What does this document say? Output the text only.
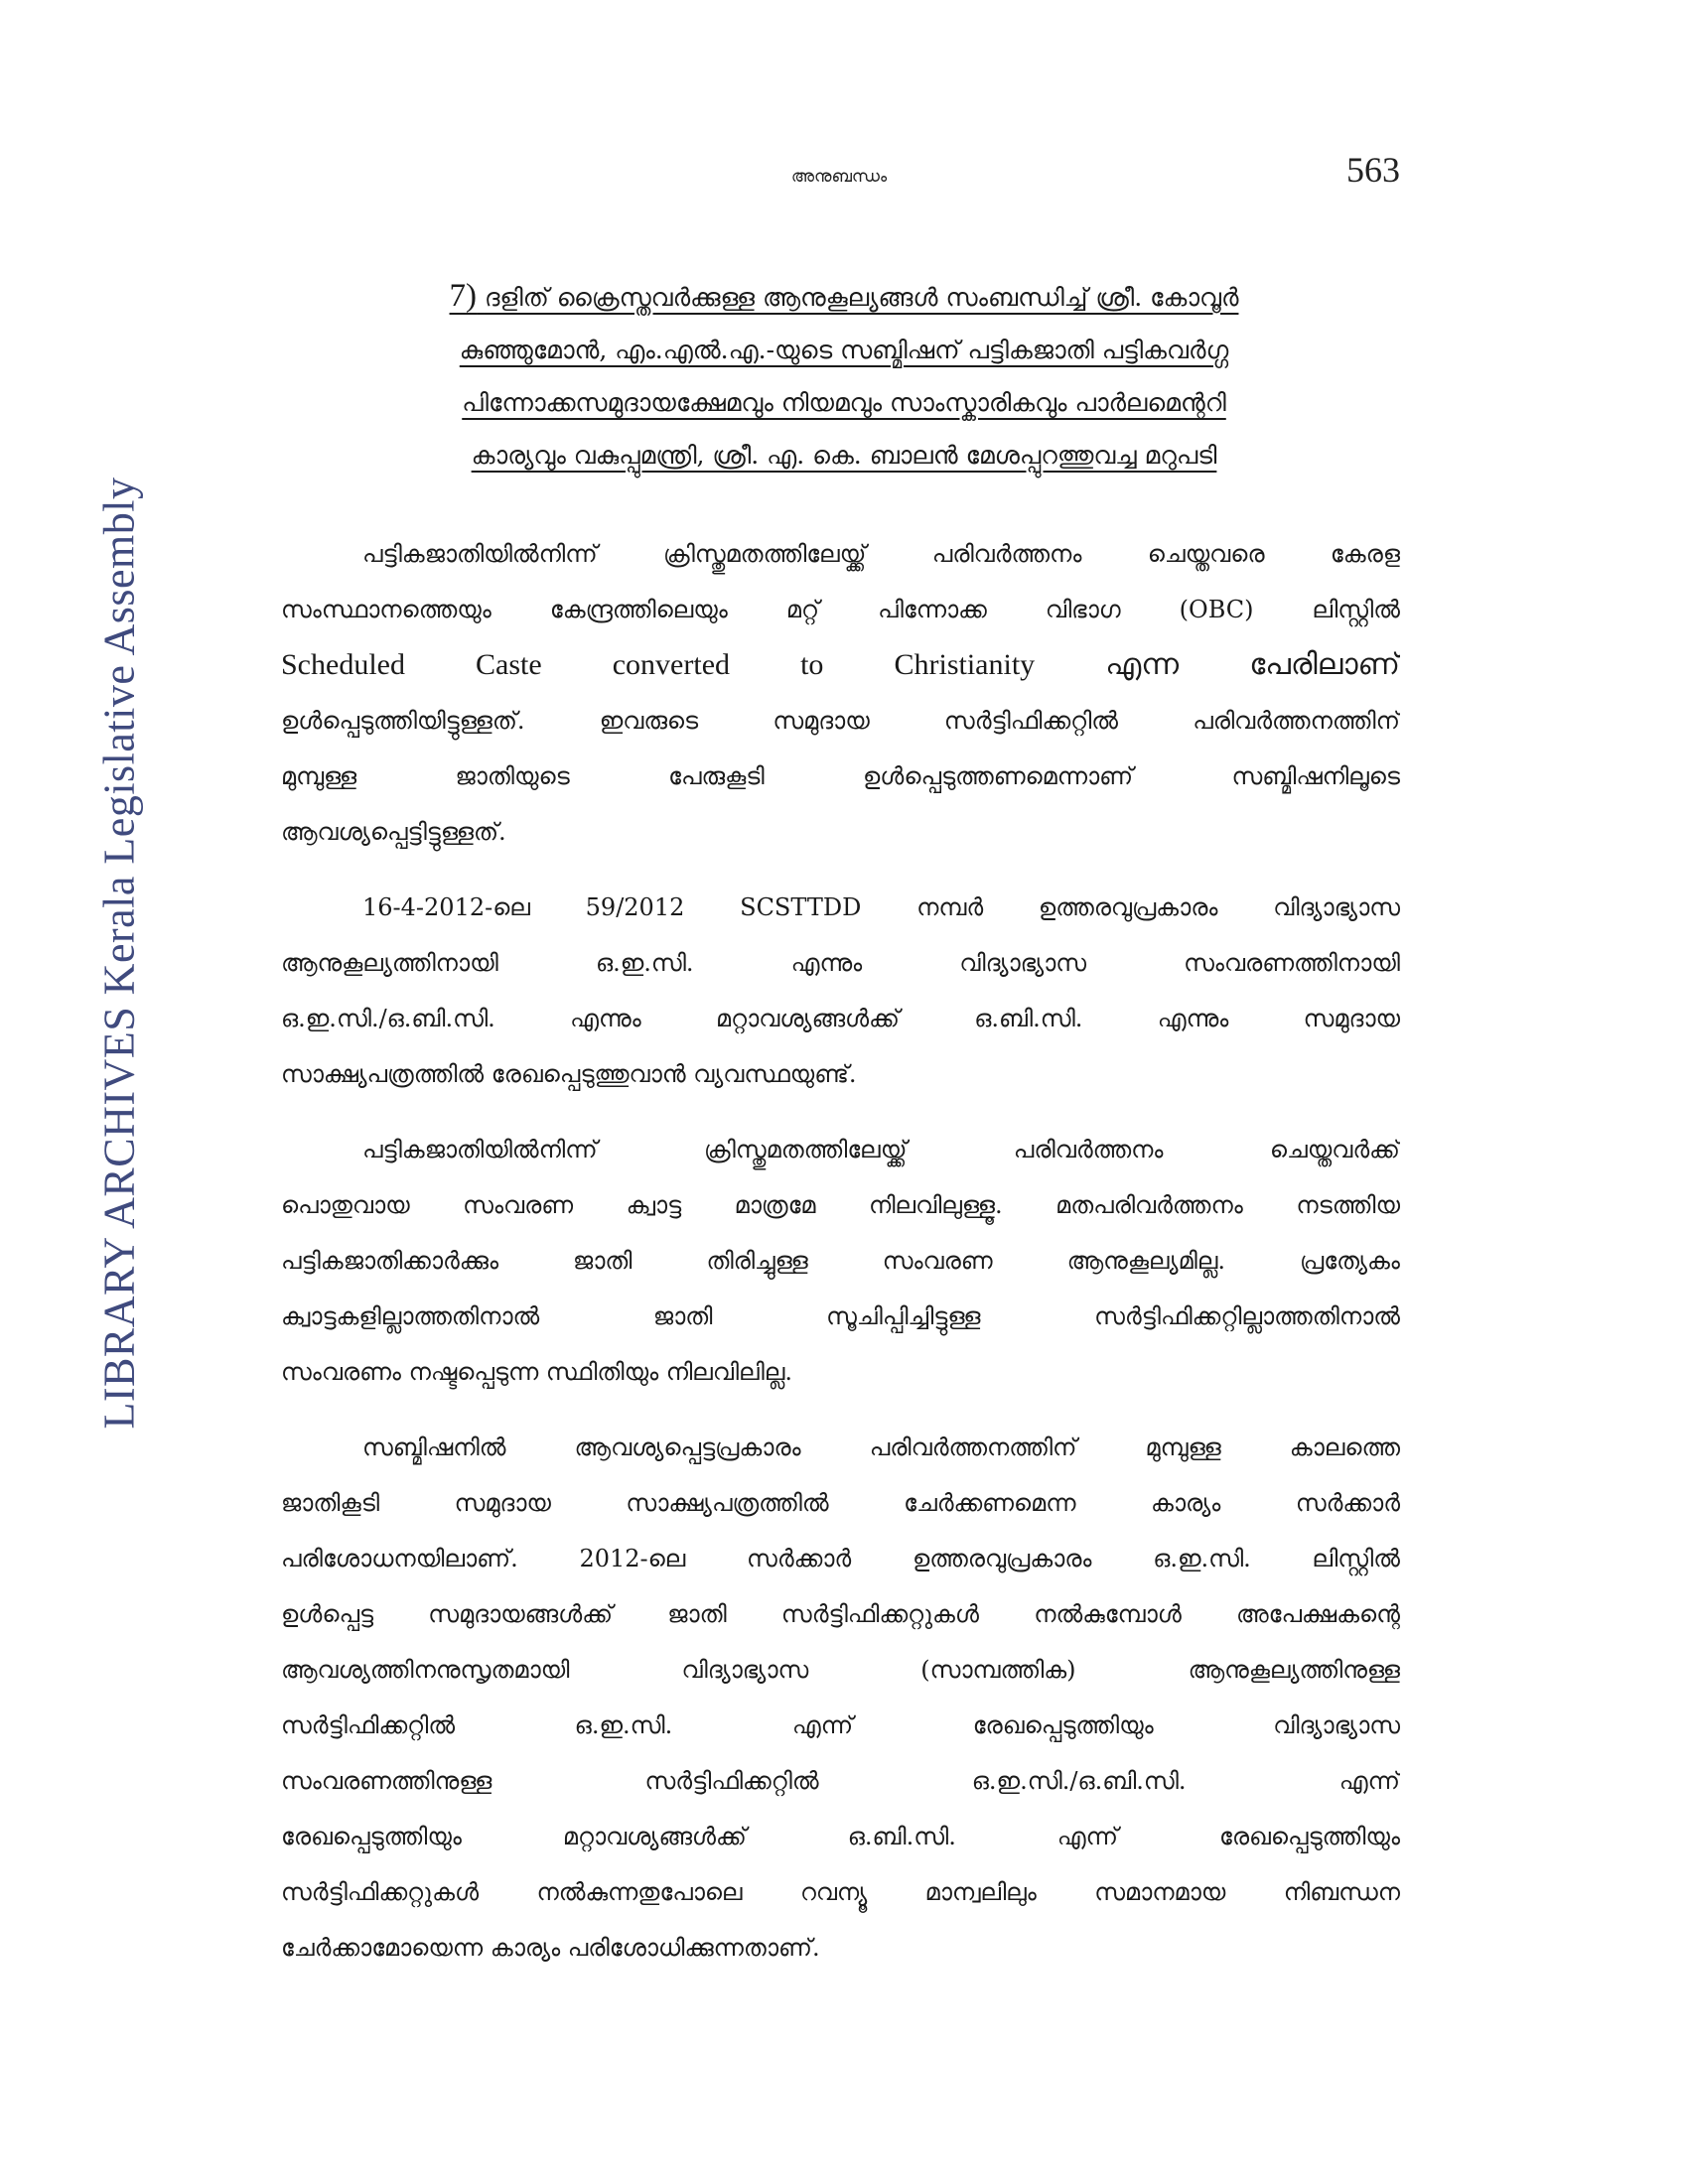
LIBRARY ARCHIVES Kerala Legislative Assembly
അനുബന്ധം	563
7) ദളിത് ക്രൈസ്തവർക്കുള്ള ആനുകൂല്യങ്ങൾ സംബന്ധിച്ച് ശ്രീ. കോവൂർ
കുഞ്ഞുമോൻ, എം.എൽ.എ.-യുടെ സബ്മിഷന് പട്ടികജാതി പട്ടികവർഗ്ഗ
പിന്നോക്കസമുദായക്ഷേമവും നിയമവും സാംസ്കാരികവും പാർലമെന്ററി
കാര്യവും വകുപ്പുമന്ത്രി, ശ്രീ. എ. കെ. ബാലൻ മേശപ്പുറത്തുവച്ച മറുപടി
പട്ടികജാതിയിൽനിന്ന് ക്രിസ്തുമതത്തിലേയ്ക്ക് പരിവർത്തനം ചെയ്തവരെ കേരള
സംസ്ഥാനത്തെയും കേന്ദ്രത്തിലെയും മറ്റ് പിന്നോക്ക വിഭാഗ (OBC) ലിസ്റ്റിൽ
Scheduled Caste converted to Christianity എന്ന പേരിലാണ്
ഉൾപ്പെടുത്തിയിട്ടുള്ളത്. ഇവരുടെ സമുദായ സർട്ടിഫിക്കറ്റിൽ പരിവർത്തനത്തിന്
മുമ്പുള്ള ജാതിയുടെ പേരുകൂടി ഉൾപ്പെടുത്തണമെന്നാണ് സബ്മിഷനിലൂടെ
ആവശ്യപ്പെട്ടിട്ടുള്ളത്.
16-4-2012-ലെ 59/2012 SCSTTDD നമ്പർ ഉത്തരവുപ്രകാരം വിദ്യാഭ്യാസ
ആനുകൂല്യത്തിനായി ഒ.ഇ.സി. എന്നും വിദ്യാഭ്യാസ സംവരണത്തിനായി
ഒ.ഇ.സി./ഒ.ബി.സി. എന്നും മറ്റാവശ്യങ്ങൾക്ക് ഒ.ബി.സി. എന്നും സമുദായ
സാക്ഷ്യപത്രത്തിൽ രേഖപ്പെടുത്തുവാൻ വ്യവസ്ഥയുണ്ട്.
പട്ടികജാതിയിൽനിന്ന് ക്രിസ്തുമതത്തിലേയ്ക്ക് പരിവർത്തനം ചെയ്തവർക്ക്
പൊതുവായ സംവരണ ക്വാട്ട മാത്രമേ നിലവിലുള്ളൂ. മതപരിവർത്തനം നടത്തിയ
പട്ടികജാതിക്കാർക്കും ജാതി തിരിച്ചുള്ള സംവരണ ആനുകൂല്യമില്ല. പ്രത്യേകം
ക്വാട്ടകളില്ലാത്തതിനാൽ ജാതി സൂചിപ്പിച്ചിട്ടുള്ള സർട്ടിഫിക്കറ്റില്ലാത്തതിനാൽ
സംവരണം നഷ്ടപ്പെടുന്ന സ്ഥിതിയും നിലവിലില്ല.
സബ്മിഷനിൽ ആവശ്യപ്പെട്ടപ്രകാരം പരിവർത്തനത്തിന് മുമ്പുള്ള കാലത്തെ
ജാതികൂടി സമുദായ സാക്ഷ്യപത്രത്തിൽ ചേർക്കണമെന്ന കാര്യം സർക്കാർ
പരിശോധനയിലാണ്. 2012-ലെ സർക്കാർ ഉത്തരവുപ്രകാരം ഒ.ഇ.സി. ലിസ്റ്റിൽ
ഉൾപ്പെട്ട സമുദായങ്ങൾക്ക് ജാതി സർട്ടിഫിക്കറ്റുകൾ നൽകുമ്പോൾ അപേക്ഷകന്റെ
ആവശ്യത്തിനനുസൃതമായി വിദ്യാഭ്യാസ (സാമ്പത്തിക) ആനുകൂല്യത്തിനുള്ള
സർട്ടിഫിക്കറ്റിൽ ഒ.ഇ.സി. എന്ന് രേഖപ്പെടുത്തിയും വിദ്യാഭ്യാസ
സംവരണത്തിനുള്ള സർട്ടിഫിക്കറ്റിൽ ഒ.ഇ.സി./ഒ.ബി.സി. എന്ന്
രേഖപ്പെടുത്തിയും മറ്റാവശ്യങ്ങൾക്ക് ഒ.ബി.സി. എന്ന് രേഖപ്പെടുത്തിയും
സർട്ടിഫിക്കറ്റുകൾ നൽകുന്നതുപോലെ റവന്യൂ മാന്വലിലും സമാനമായ നിബന്ധന
ചേർക്കാമോയെന്ന കാര്യം പരിശോധിക്കുന്നതാണ്.
